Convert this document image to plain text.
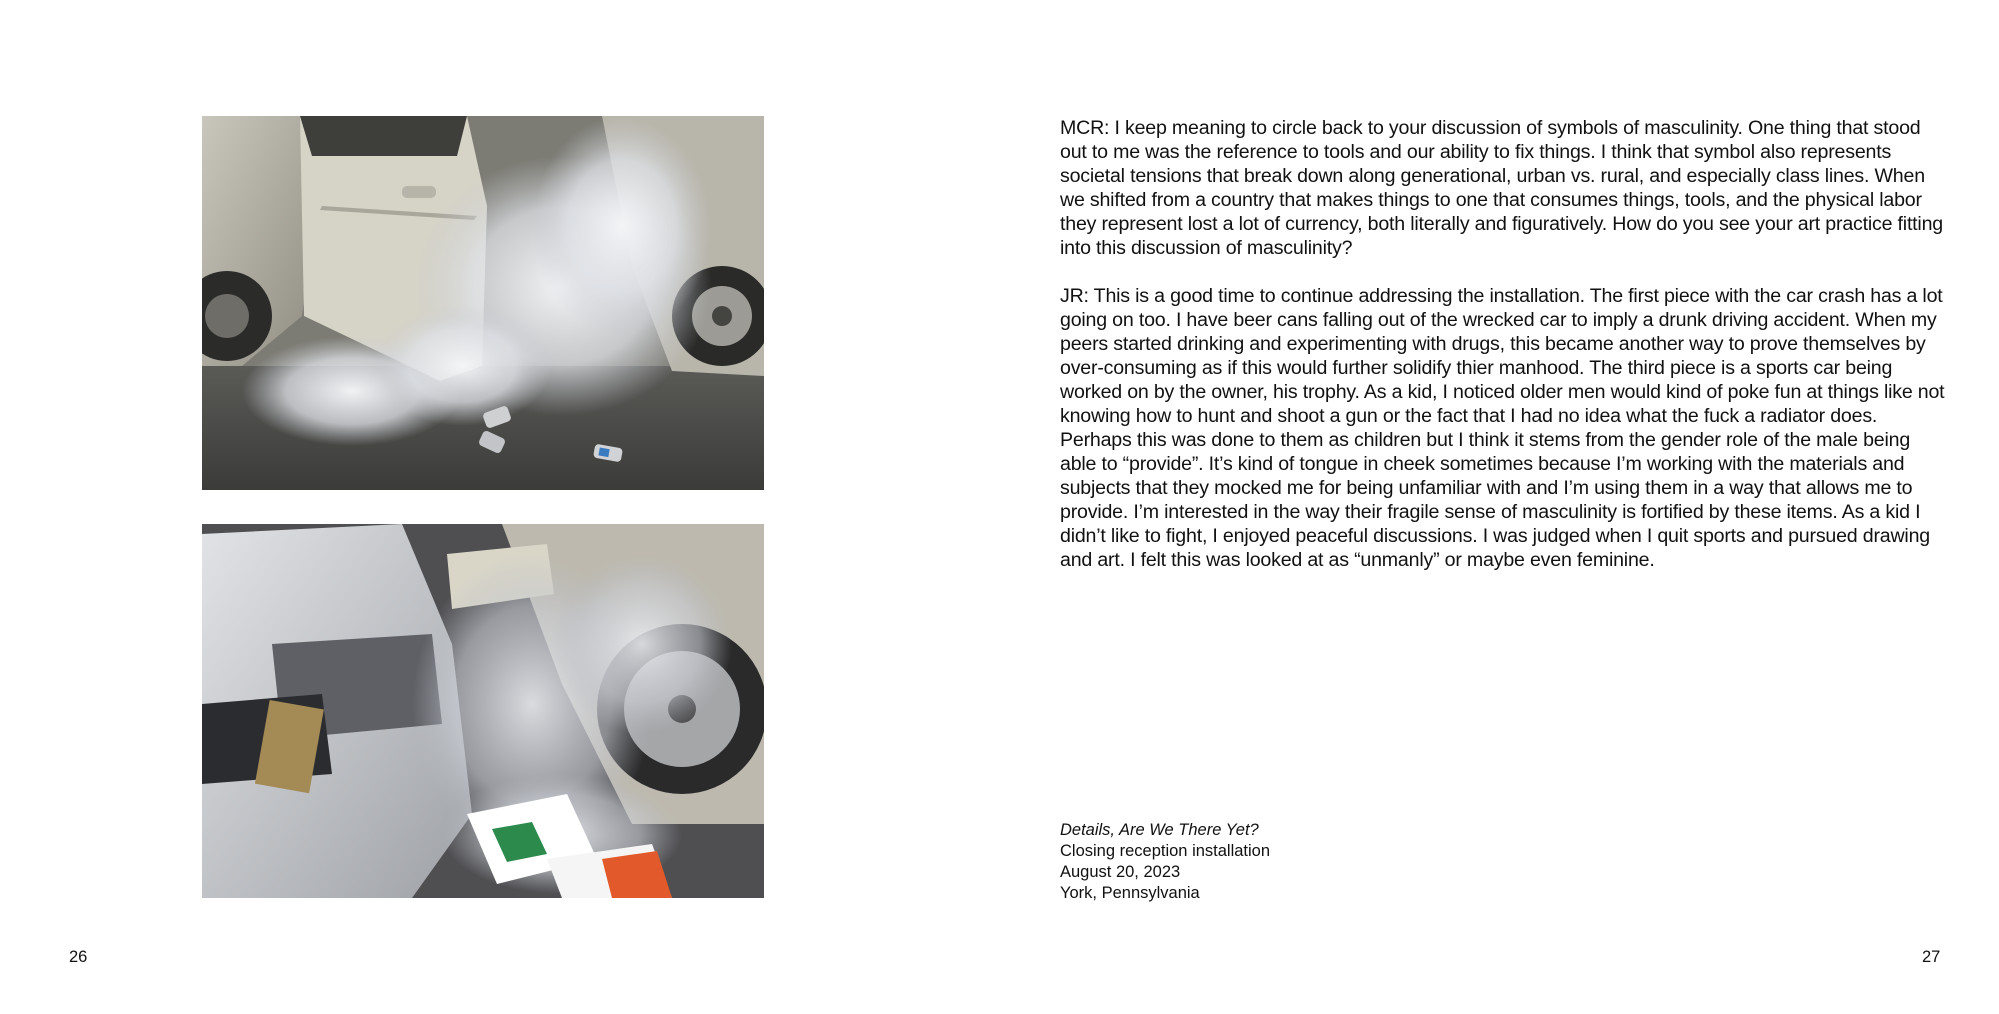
MCR: I keep meaning to circle back to your discussion of symbols of masculinity. One thing that stood out to me was the reference to tools and our ability to fix things. I think that symbol also represents societal tensions that break down along generational, urban vs. rural, and especially class lines. When we shifted from a country that makes things to one that consumes things, tools, and the physical labor they represent lost a lot of currency, both literally and figuratively. How do you see your art practice fitting into this discussion of masculinity?

JR: This is a good time to continue addressing the installation. The first piece with the car crash has a lot going on too. I have beer cans falling out of the wrecked car to imply a drunk driving accident. When my peers started drinking and experimenting with drugs, this became another way to prove themselves by over-consuming as if this would further solidify thier manhood. The third piece is a sports car being worked on by the owner, his trophy. As a kid, I noticed older men would kind of poke fun at things like not knowing how to hunt and shoot a gun or the fact that I had no idea what the fuck a radiator does. Perhaps this was done to them as children but I think it stems from the gender role of the male being able to “provide”. It’s kind of tongue in cheek sometimes because I’m working with the materials and subjects that they mocked me for being unfamiliar with and I’m using them in a way that allows me to provide. I’m interested in the way their fragile sense of masculinity is fortified by these items. As a kid I didn’t like to fight, I enjoyed peaceful discussions. I was judged when I quit sports and pursued drawing and art. I felt this was looked at as “unmanly” or maybe even feminine.

Details, Are We There Yet?
Closing reception installation
August 20, 2023
York, Pennsylvania
26	27
